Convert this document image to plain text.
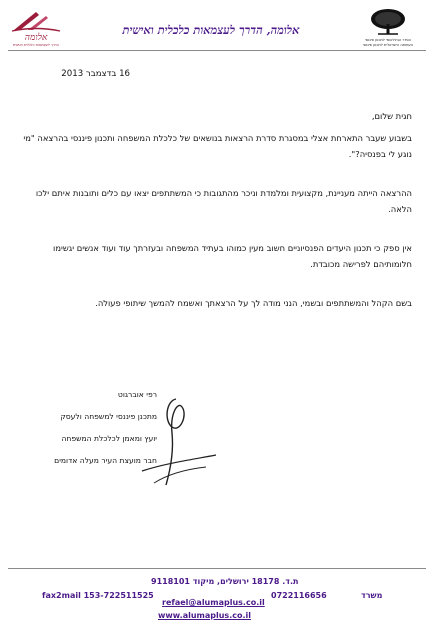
אלומה
הדרך לעצמאות כלכלית ואישית
אלומה, הדרך לעצמאות כלכלית ואישית
הסדר הבינלאומי לתכנון פיננסי
העמותה הישראלית לתכנון פיננסי
16 בדצמבר 2013
חגית שלום,

בשבוע שעבר התארחת אצלי במסגרת סדרת הרצאות בנושאים של כלכלת המשפחה ותכנון פיננסי בהרצאה "מי נוגע לי בפנסיה?".

ההרצאה הייתה מעניינת, מקצועית ומלמדת וניכר מהתגובות כי המשתתפים יצאו עם כלים ותובנות איתם ילכו הלאה.

אין ספק כי תכנון היעדים הפנסיוניים חשוב מעין כמוהו בעתיד המשפחה ובעזרתך עוד ועוד אנשים יגשימו חלומותיהם לפרישה מכובדת.

בשם הקהל והמשתתפים ובשמי, הנני מודה לך על הרצאתך ואשמח להמשך שיתופי פעולה.

רפי אוברגוט
מתכנן פיננסי למשפחה ולעסק
יועץ ומאמן לכלכלת המשפחה
חבר מועצת העיר מעלה אדומים
ת.ד. 18178 ירושלים, מיקוד 9118101
0722116656	משרד
fax2mail 153-722511525
refael@alumaplus.co.il
www.alumaplus.co.il
